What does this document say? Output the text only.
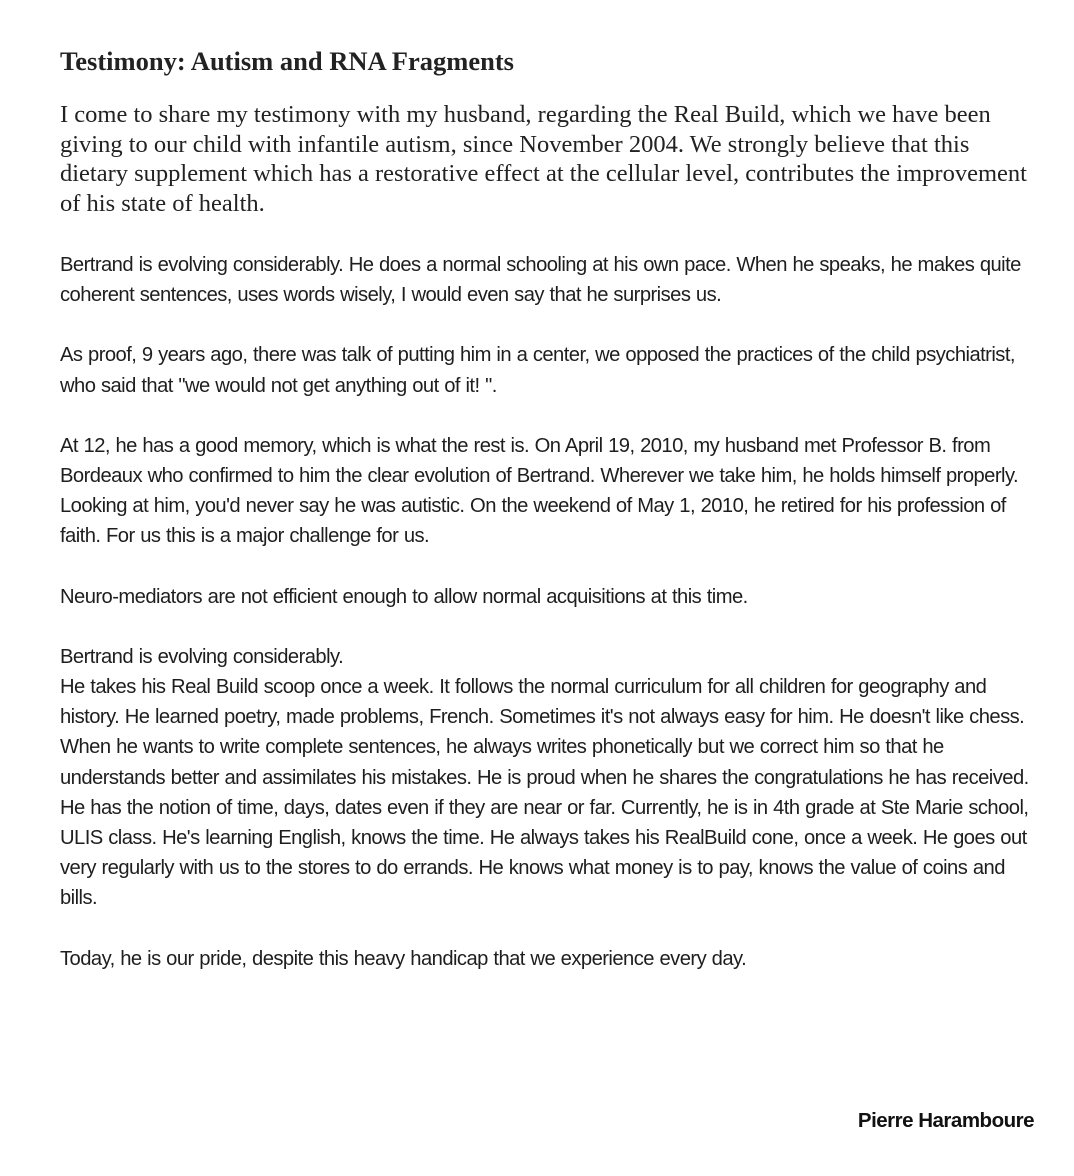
Testimony: Autism and RNA Fragments

I come to share my testimony with my husband, regarding the Real Build, which we have been giving to our child with infantile autism, since November 2004. We strongly believe that this dietary supplement which has a restorative effect at the cellular level, contributes the improvement of his state of health.

Bertrand is evolving considerably. He does a normal schooling at his own pace. When he speaks, he makes quite coherent sentences, uses words wisely, I would even say that he surprises us.

As proof, 9 years ago, there was talk of putting him in a center, we opposed the practices of the child psychiatrist, who said that "we would not get anything out of it! ".

At 12, he has a good memory, which is what the rest is. On April 19, 2010, my husband met Professor B. from Bordeaux who confirmed to him the clear evolution of Bertrand. Wherever we take him, he holds himself properly. Looking at him, you'd never say he was autistic. On the weekend of May 1, 2010, he retired for his profession of faith. For us this is a major challenge for us.

Neuro-mediators are not efficient enough to allow normal acquisitions at this time.

Bertrand is evolving considerably.

He takes his Real Build scoop once a week. It follows the normal curriculum for all children for geography and history. He learned poetry, made problems, French. Sometimes it's not always easy for him. He doesn't like chess. When he wants to write complete sentences, he always writes phonetically but we correct him so that he understands better and assimilates his mistakes. He is proud when he shares the congratulations he has received. He has the notion of time, days, dates even if they are near or far. Currently, he is in 4th grade at Ste Marie school, ULIS class. He's learning English, knows the time. He always takes his RealBuild cone, once a week. He goes out very regularly with us to the stores to do errands. He knows what money is to pay, knows the value of coins and bills.

Today, he is our pride, despite this heavy handicap that we experience every day.

Pierre Haramboure
